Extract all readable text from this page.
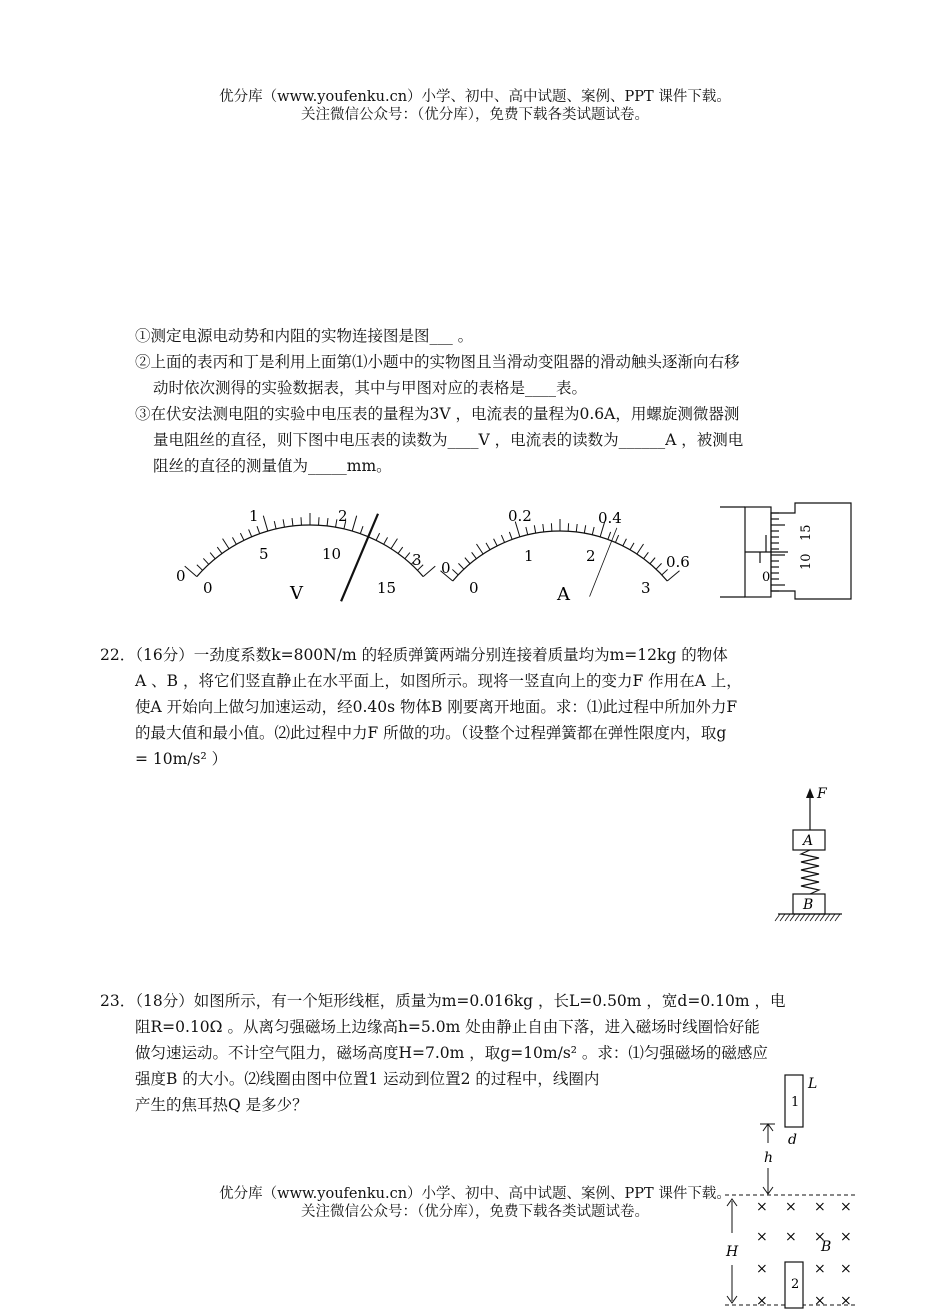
优分库（www.youfenku.cn）小学、初中、高中试题、案例、PPT 课件下载。
关注微信公众号：（优分库），免费下载各类试题试卷。
①测定电源电动势和内阻的实物连接图是图___ 。
②上面的表丙和丁是利用上面第⑴小题中的实物图且当滑动变阻器的滑动触头逐渐向右移
动时依次测得的实验数据表，其中与甲图对应的表格是____表。
③在伏安法测电阻的实验中电压表的量程为3V ，电流表的量程为0.6A，用螺旋测微器测
量电阻丝的直径，则下图中电压表的读数为____V ，电流表的读数为______A ，被测电
阻丝的直径的测量值为_____mm。
0
1	2
3
0
5	10
15
V
0
0.2	0.4
0.6
0
1	2
3
A
0
10
15
22．（16分）一劲度系数k=800N/m 的轻质弹簧两端分别连接着质量均为m=12kg 的物体
A 、B ，将它们竖直静止在水平面上，如图所示。现将一竖直向上的变力F 作用在A 上，
使A 开始向上做匀加速运动，经0.40s 物体B 刚要离开地面。求：⑴此过程中所加外力F
的最大值和最小值。⑵此过程中力F 所做的功。（设整个过程弹簧都在弹性限度内，取g
= 10m/s² ）
F
A
B
23．（18分）如图所示，有一个矩形线框，质量为m=0.016kg ，长L=0.50m ，宽d=0.10m ，电
阻R=0.10Ω 。从离匀强磁场上边缘高h=5.0m 处由静止自由下落，进入磁场时线圈恰好能
做匀速运动。不计空气阻力，磁场高度H=7.0m ，取g=10m/s² 。求：⑴匀强磁场的磁感应
强度B 的大小。⑵线圈由图中位置1 运动到位置2 的过程中，线圈内
产生的焦耳热Q 是多少？	1
L
d
h
H
2
B
× × × ×
× × × ×
×	× ×
×	× ×
优分库（www.youfenku.cn）小学、初中、高中试题、案例、PPT 课件下载。
关注微信公众号：（优分库），免费下载各类试题试卷。
